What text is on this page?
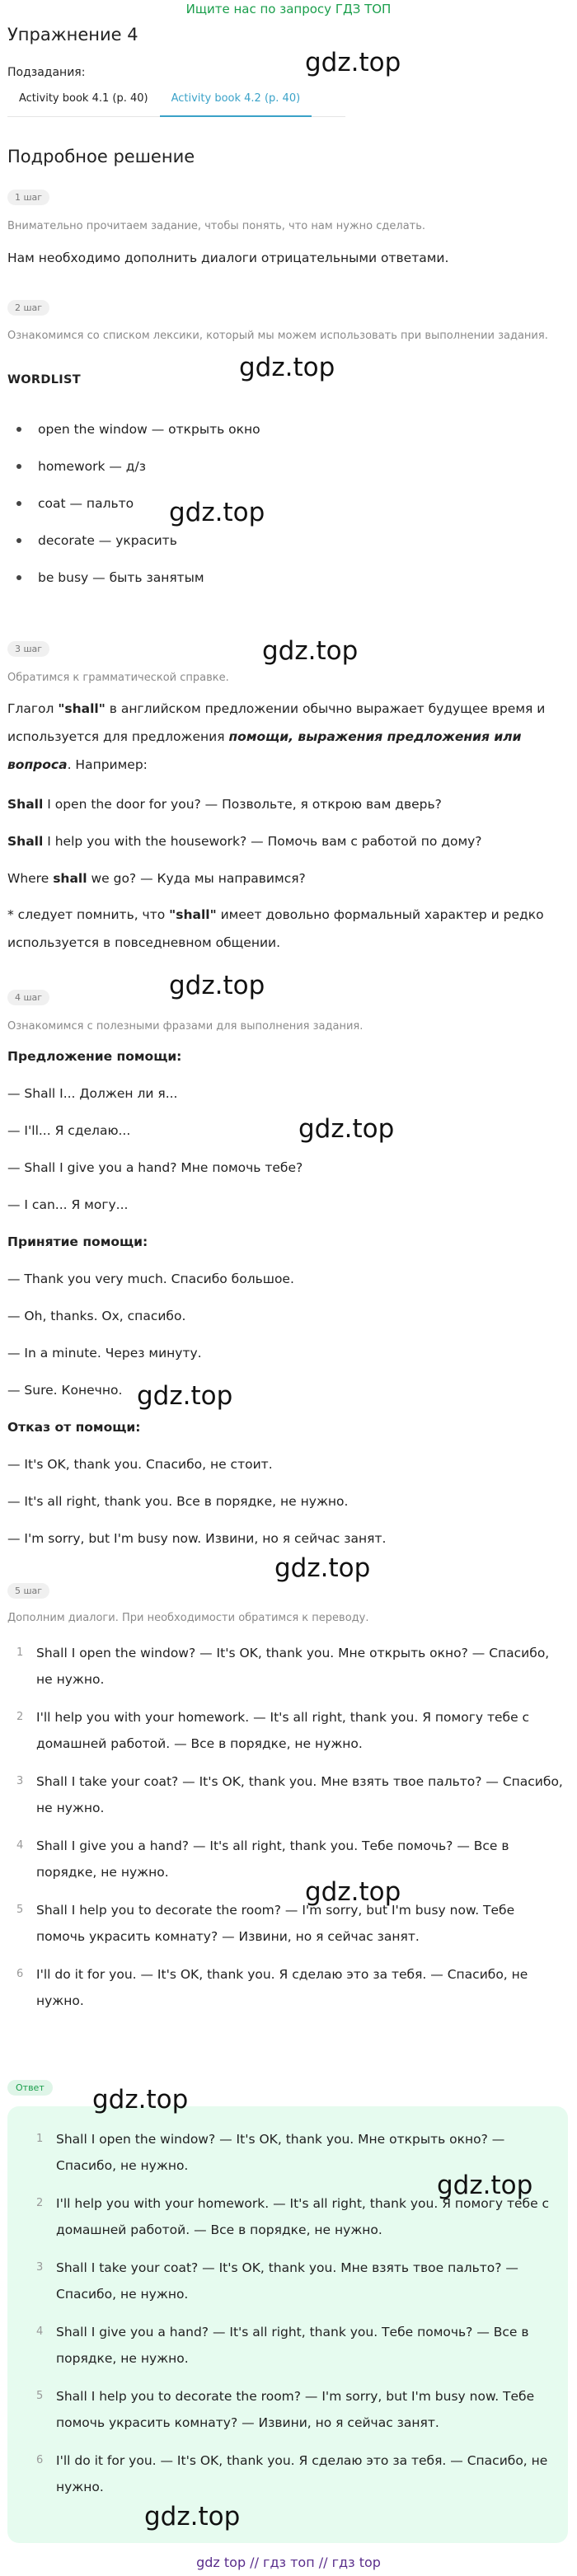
Ищите нас по запросу ГДЗ ТОП
Упражнение 4
Подзадания:
Activity book 4.1 (p. 40)	Activity book 4.2 (p. 40)
Подробное решение
1 шаг
Внимательно прочитаем задание, чтобы понять, что нам нужно сделать.
Нам необходимо дополнить диалоги отрицательными ответами.
2 шаг
Ознакомимся со списком лексики, который мы можем использовать при выполнении задания.
WORDLIST
open the window — открыть окно
homework — д/з
coat — пальто
decorate — украсить
be busy — быть занятым
3 шаг
Обратимся к грамматической справке.
Глагол "shall" в английском предложении обычно выражает будущее время и используется для предложения помощи, выражения предложения или вопроса. Например:
Shall I open the door for you? — Позвольте, я открою вам дверь?
Shall I help you with the housework? — Помочь вам с работой по дому?
Where shall we go? — Куда мы направимся?
* следует помнить, что "shall" имеет довольно формальный характер и редко используется в повседневном общении.
4 шаг
Ознакомимся с полезными фразами для выполнения задания.
Предложение помощи:
— Shall I... Должен ли я...
— I'll... Я сделаю...
— Shall I give you a hand? Мне помочь тебе?
— I can... Я могу...
Принятие помощи:
— Thank you very much. Спасибо большое.
— Oh, thanks. Ох, спасибо.
— In a minute. Через минуту.
— Sure. Конечно.
Отказ от помощи:
— It's OK, thank you. Спасибо, не стоит.
— It's all right, thank you. Все в порядке, не нужно.
— I'm sorry, but I'm busy now. Извини, но я сейчас занят.
5 шаг
Дополним диалоги. При необходимости обратимся к переводу.
1 Shall I open the window? — It's OK, thank you. Мне открыть окно? — Спасибо, не нужно.
2 I'll help you with your homework. — It's all right, thank you. Я помогу тебе с домашней работой. — Все в порядке, не нужно.
3 Shall I take your coat? — It's OK, thank you. Мне взять твое пальто? — Спасибо, не нужно.
4 Shall I give you a hand? — It's all right, thank you. Тебе помочь? — Все в порядке, не нужно.
5 Shall I help you to decorate the room? — I'm sorry, but I'm busy now. Тебе помочь украсить комнату? — Извини, но я сейчас занят.
6 I'll do it for you. — It's OK, thank you. Я сделаю это за тебя. — Спасибо, не нужно.
Ответ
1 Shall I open the window? — It's OK, thank you. Мне открыть окно? — Спасибо, не нужно.
2 I'll help you with your homework. — It's all right, thank you. Я помогу тебе с домашней работой. — Все в порядке, не нужно.
3 Shall I take your coat? — It's OK, thank you. Мне взять твое пальто? — Спасибо, не нужно.
4 Shall I give you a hand? — It's all right, thank you. Тебе помочь? — Все в порядке, не нужно.
5 Shall I help you to decorate the room? — I'm sorry, but I'm busy now. Тебе помочь украсить комнату? — Извини, но я сейчас занят.
6 I'll do it for you. — It's OK, thank you. Я сделаю это за тебя. — Спасибо, не нужно.
gdz.top
gdz.top
gdz.top
gdz.top
gdz.top
gdz.top
gdz.top
gdz.top
gdz.top
gdz.top
gdz.top
gdz.top
gdz top // гдз топ // гдз top
